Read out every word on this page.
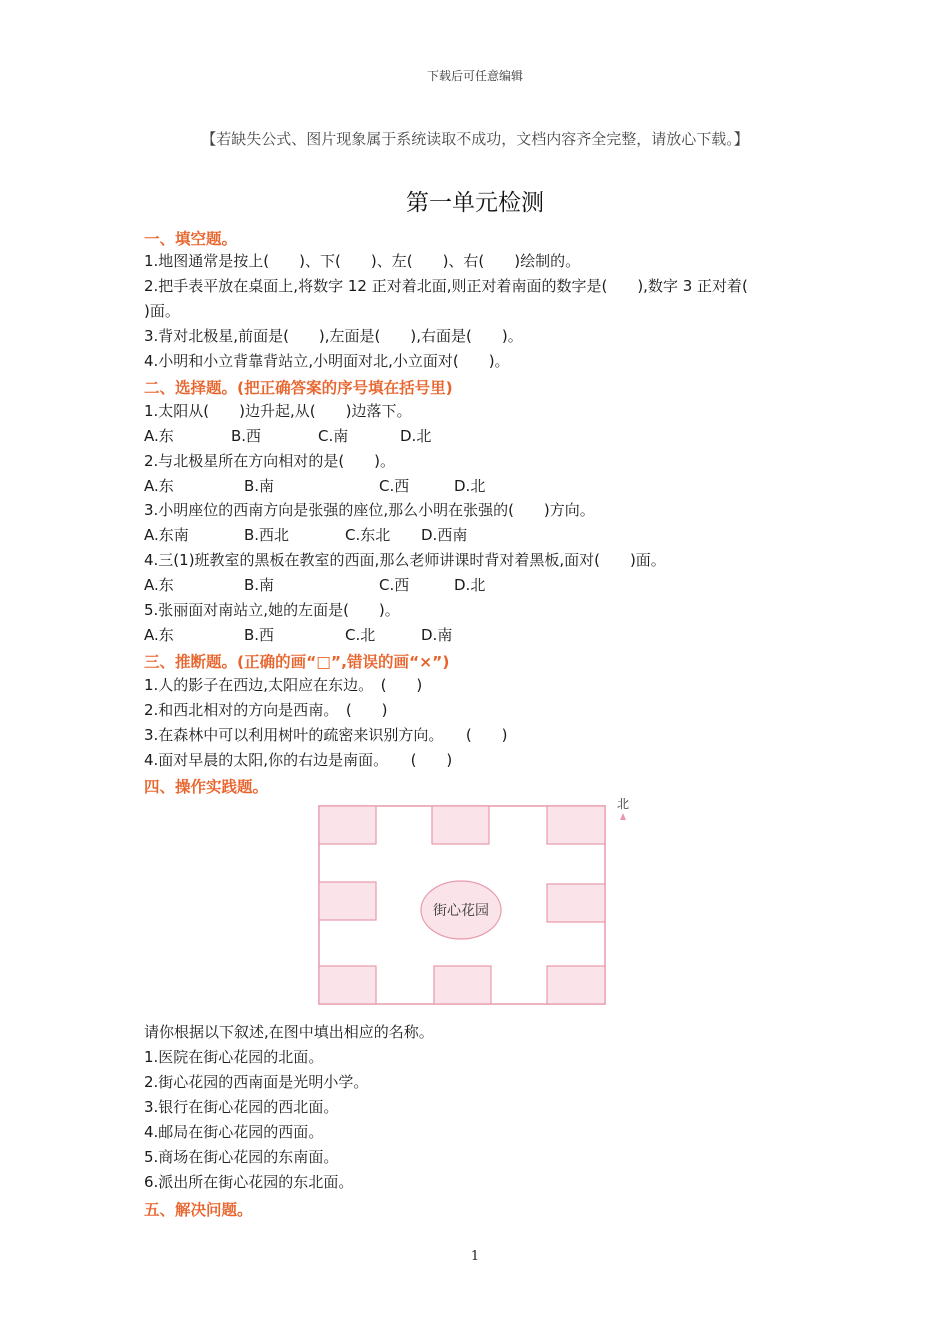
下载后可任意编辑
【若缺失公式、图片现象属于系统读取不成功，文档内容齐全完整，请放心下载。】
第一单元检测
一、填空题。
1.地图通常是按上(　　)、下(　　)、左(　　)、右(　　)绘制的。
2.把手表平放在桌面上,将数字 12 正对着北面,则正对着南面的数字是(　　),数字 3 正对着(
)面。
3.背对北极星,前面是(　　),左面是(　　),右面是(　　)。
4.小明和小立背靠背站立,小明面对北,小立面对(　　)。
二、选择题。(把正确答案的序号填在括号里)
1.太阳从(　　)边升起,从(　　)边落下。
A.东	B.西	C.南	D.北
2.与北极星所在方向相对的是(　　)。
A.东	B.南	C.西	D.北
3.小明座位的西南方向是张强的座位,那么小明在张强的(　　)方向。
A.东南	B.西北	C.东北 D.西南
4.三(1)班教室的黑板在教室的西面,那么老师讲课时背对着黑板,面对(　　)面。
A.东	B.南	C.西	D.北
5.张丽面对南站立,她的左面是(　　)。
A.东	B.西	C.北	D.南
三、推断题。(正确的画“□”,错误的画“×”)
1.人的影子在西边,太阳应在东边。　(　　)
2.和西北相对的方向是西南。　(　　)
3.在森林中可以利用树叶的疏密来识别方向。　　(　　)
4.面对早晨的太阳,你的右边是南面。　　(　　)
四、操作实践题。
街心花园
北
请你根据以下叙述,在图中填出相应的名称。
1.医院在街心花园的北面。
2.街心花园的西南面是光明小学。
3.银行在街心花园的西北面。
4.邮局在街心花园的西面。
5.商场在街心花园的东南面。
6.派出所在街心花园的东北面。
五、解决问题。
1
